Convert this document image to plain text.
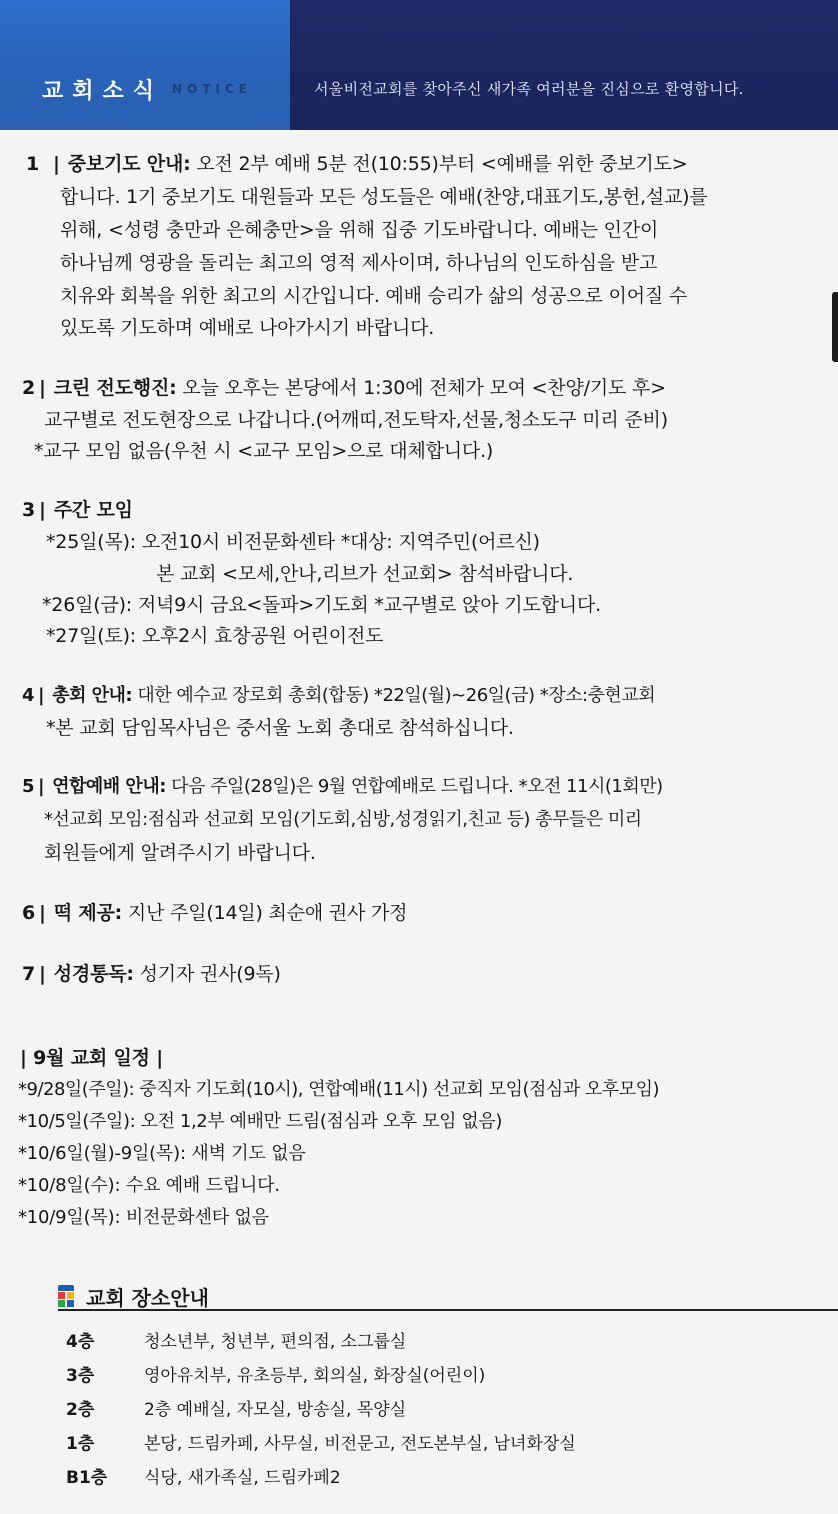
교회소식 NOTICE	서울비전교회를 찾아주신 새가족 여러분을 진심으로 환영합니다.
1 | 중보기도 안내: 오전 2부 예배 5분 전(10:55)부터 <예배를 위한 중보기도>
합니다. 1기 중보기도 대원들과 모든 성도들은 예배(찬양,대표기도,봉헌,설교)를
위해, <성령 충만과 은혜충만>을 위해 집중 기도바랍니다. 예배는 인간이
하나님께 영광을 돌리는 최고의 영적 제사이며, 하나님의 인도하심을 받고
치유와 회복을 위한 최고의 시간입니다. 예배 승리가 삶의 성공으로 이어질 수
있도록 기도하며 예배로 나아가시기 바랍니다.
2 | 크린 전도행진: 오늘 오후는 본당에서 1:30에 전체가 모여 <찬양/기도 후>
교구별로 전도현장으로 나갑니다.(어깨띠,전도탁자,선물,청소도구 미리 준비)
*교구 모임 없음(우천 시 <교구 모임>으로 대체합니다.)
3 | 주간 모임
*25일(목): 오전10시 비전문화센타 *대상: 지역주민(어르신)
본 교회 <모세,안나,리브가 선교회> 참석바랍니다.
*26일(금): 저녁9시 금요<돌파>기도회 *교구별로 앉아 기도합니다.
*27일(토): 오후2시 효창공원 어린이전도
4 | 총회 안내: 대한 예수교 장로회 총회(합동) *22일(월)~26일(금) *장소:충현교회
*본 교회 담임목사님은 중서울 노회 총대로 참석하십니다.
5 | 연합예배 안내: 다음 주일(28일)은 9월 연합예배로 드립니다. *오전 11시(1회만)
*선교회 모임:점심과 선교회 모임(기도회,심방,성경읽기,친교 등) 총무들은 미리
회원들에게 알려주시기 바랍니다.
6 | 떡 제공: 지난 주일(14일) 최순애 권사 가정
7 | 성경통독: 성기자 권사(9독)
| 9월 교회 일정 |
*9/28일(주일): 중직자 기도회(10시), 연합예배(11시) 선교회 모임(점심과 오후모임)
*10/5일(주일): 오전 1,2부 예배만 드림(점심과 오후 모임 없음)
*10/6일(월)-9일(목): 새벽 기도 없음
*10/8일(수): 수요 예배 드립니다.
*10/9일(목): 비전문화센타 없음
교회 장소안내
4층	청소년부, 청년부, 편의점, 소그룹실
3층	영아유치부, 유초등부, 회의실, 화장실(어린이)
2층	2층 예배실, 자모실, 방송실, 목양실
1층	본당, 드림카페, 사무실, 비전문고, 전도본부실, 남녀화장실
B1층	식당, 새가족실, 드림카페2
